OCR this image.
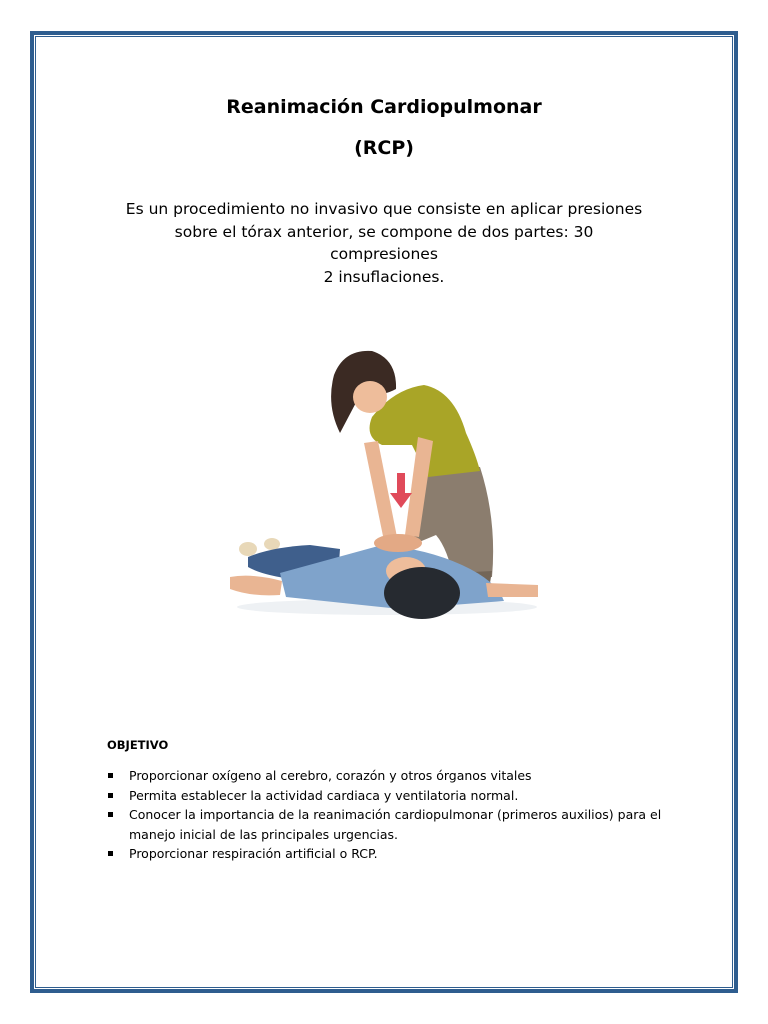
Reanimación Cardiopulmonar
(RCP)
Es un procedimiento no invasivo que consiste en aplicar presiones
sobre el tórax anterior, se compone de dos partes: 30 compresiones
2 insuflaciones.
OBJETIVO
Proporcionar oxígeno al cerebro, corazón y otros órganos vitales
Permita establecer la actividad cardiaca y ventilatoria normal.
Conocer la importancia de la reanimación cardiopulmonar (primeros auxilios) para el manejo inicial de las principales urgencias.
Proporcionar respiración artificial o RCP.
